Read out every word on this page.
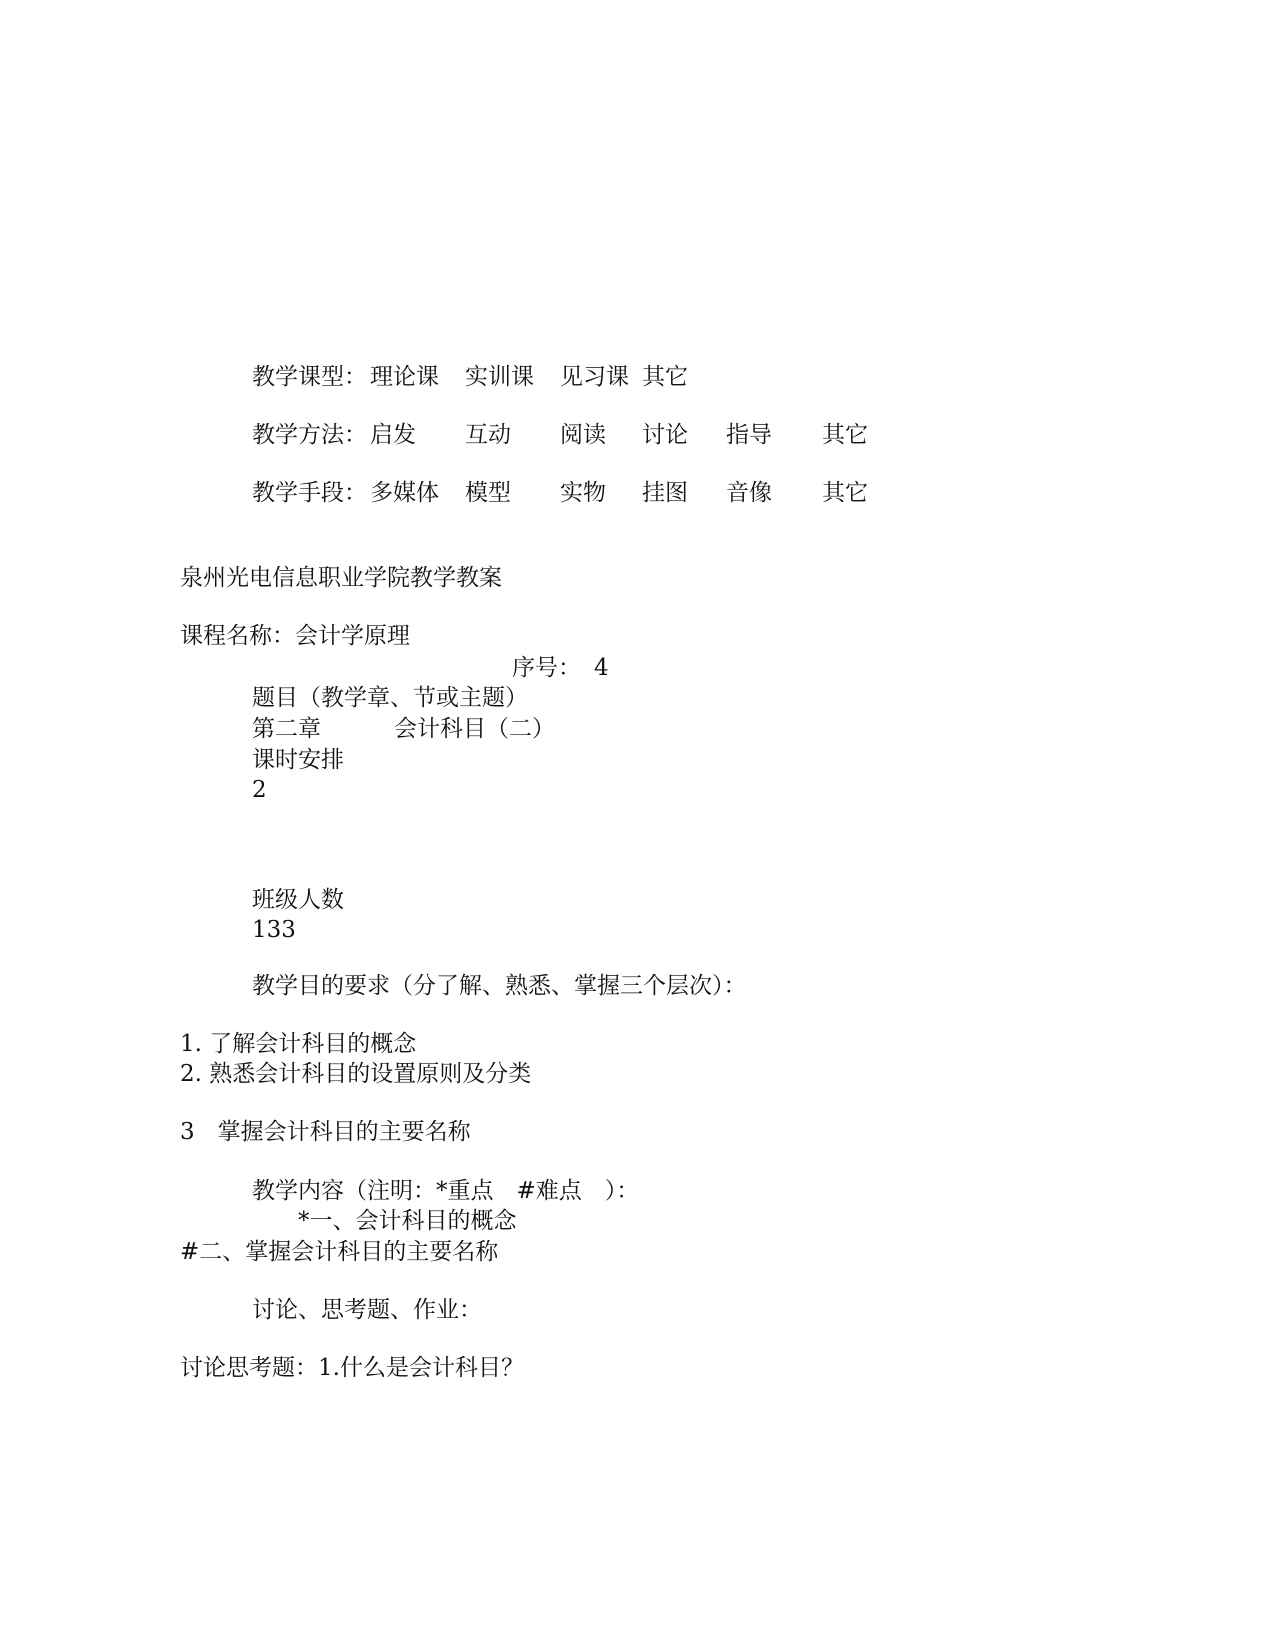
教学课型： 理论课 实训课 见习课 其它
教学方法： 启发 互动 阅读 讨论 指导 其它
教学手段： 多媒体 模型 实物 挂图 音像 其它
泉州光电信息职业学院教学教案
课程名称：会计学原理
序号： 4
题目（教学章、节或主题）
第二章	会计科目（二）
课时安排
2
班级人数
133
教学目的要求（分了解、熟悉、掌握三个层次）：
1. 了解会计科目的概念
2. 熟悉会计科目的设置原则及分类
3　掌握会计科目的主要名称
教学内容（注明：*重点　#难点　）：
*一、会计科目的概念
#二、掌握会计科目的主要名称
讨论、思考题、作业：
讨论思考题：1.什么是会计科目？
